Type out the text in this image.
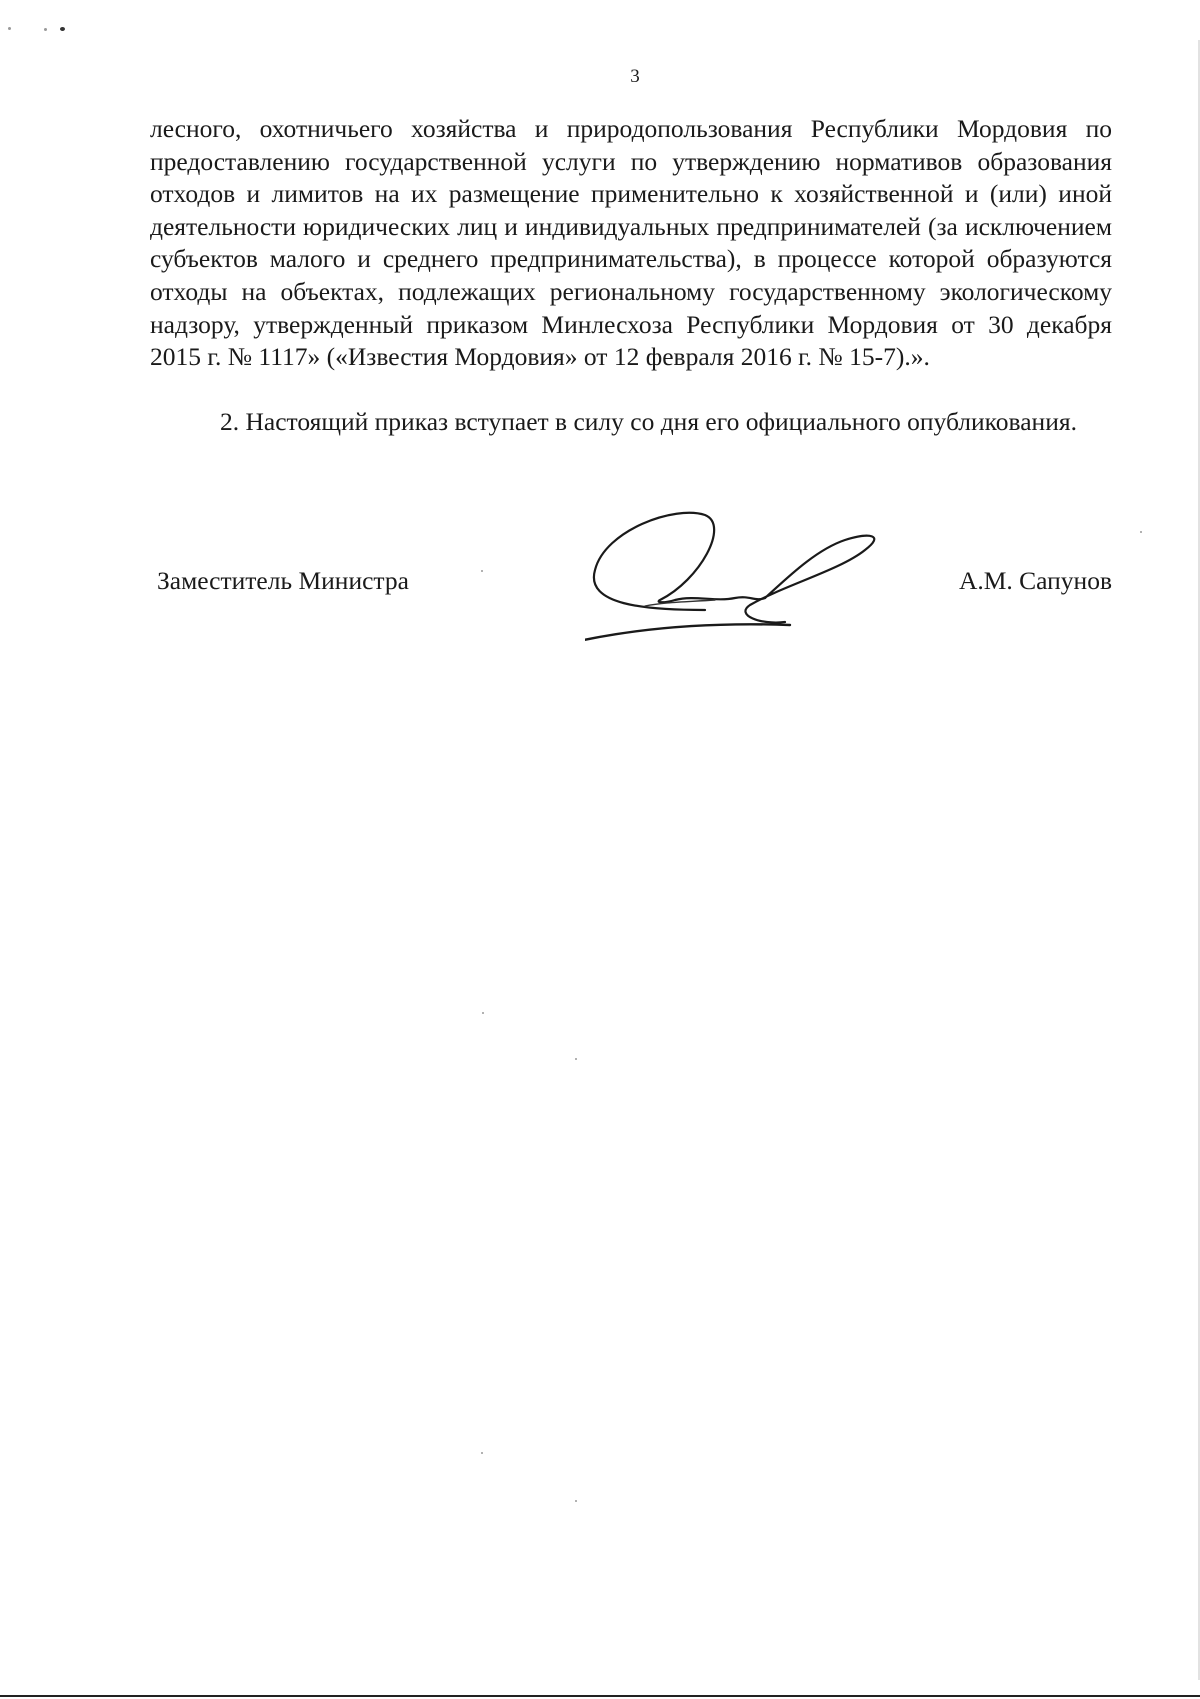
3

лесного, охотничьего хозяйства и природопользования Республики Мордовия по предоставлению государственной услуги по утверждению нормативов образования отходов и лимитов на их размещение применительно к хозяйственной и (или) иной деятельности юридических лиц и индивидуальных предпринимателей (за исключением субъектов малого и среднего предпринимательства), в процессе которой образуются отходы на объектах, подлежащих региональному государственному экологическому надзору, утвержденный приказом Минлесхоза Республики Мордовия от 30 декабря 2015 г. № 1117» («Известия Мордовия» от 12 февраля 2016 г. № 15-7).».

2. Настоящий приказ вступает в силу со дня его официального опубликования.

Заместитель Министра	А.М. Сапунов
